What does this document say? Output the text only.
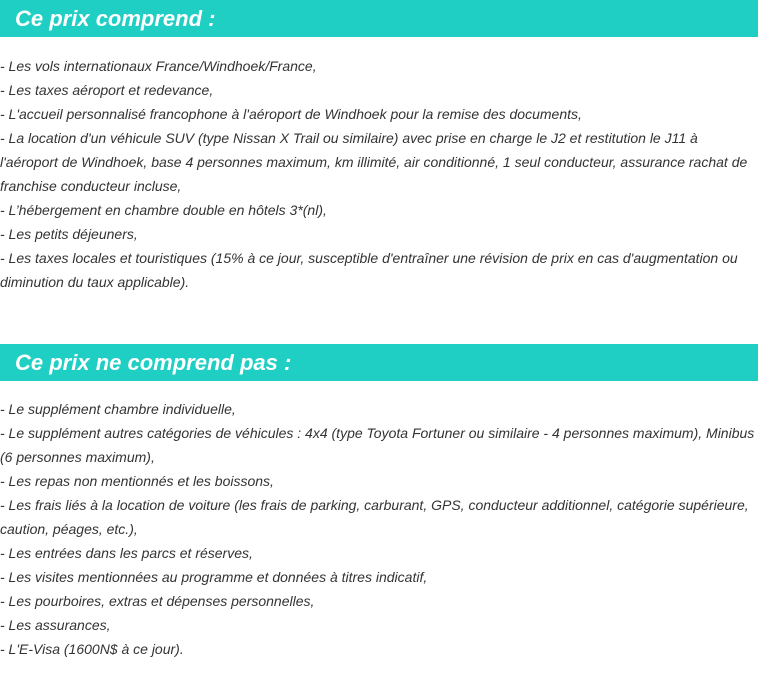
Ce prix comprend :
- Les vols internationaux France/Windhoek/France,
- Les taxes aéroport et redevance,
- L'accueil personnalisé francophone à l'aéroport de Windhoek pour la remise des documents,
- La location d'un véhicule SUV (type Nissan X Trail ou similaire) avec prise en charge le J2 et restitution le J11 à l'aéroport de Windhoek, base 4 personnes maximum, km illimité, air conditionné, 1 seul conducteur, assurance rachat de franchise conducteur incluse,
- L’hébergement en chambre double en hôtels 3*(nl),
- Les petits déjeuners,
- Les taxes locales et touristiques (15% à ce jour, susceptible d'entraîner une révision de prix en cas d'augmentation ou diminution du taux applicable).
Ce prix ne comprend pas :
- Le supplément chambre individuelle,
- Le supplément autres catégories de véhicules : 4x4 (type Toyota Fortuner ou similaire - 4 personnes maximum), Minibus (6 personnes maximum),
- Les repas non mentionnés et les boissons,
- Les frais liés à la location de voiture (les frais de parking, carburant, GPS, conducteur additionnel, catégorie supérieure, caution, péages, etc.),
- Les entrées dans les parcs et réserves,
- Les visites mentionnées au programme et données à titres indicatif,
- Les pourboires, extras et dépenses personnelles,
- Les assurances,
- L'E-Visa (1600N$ à ce jour).
